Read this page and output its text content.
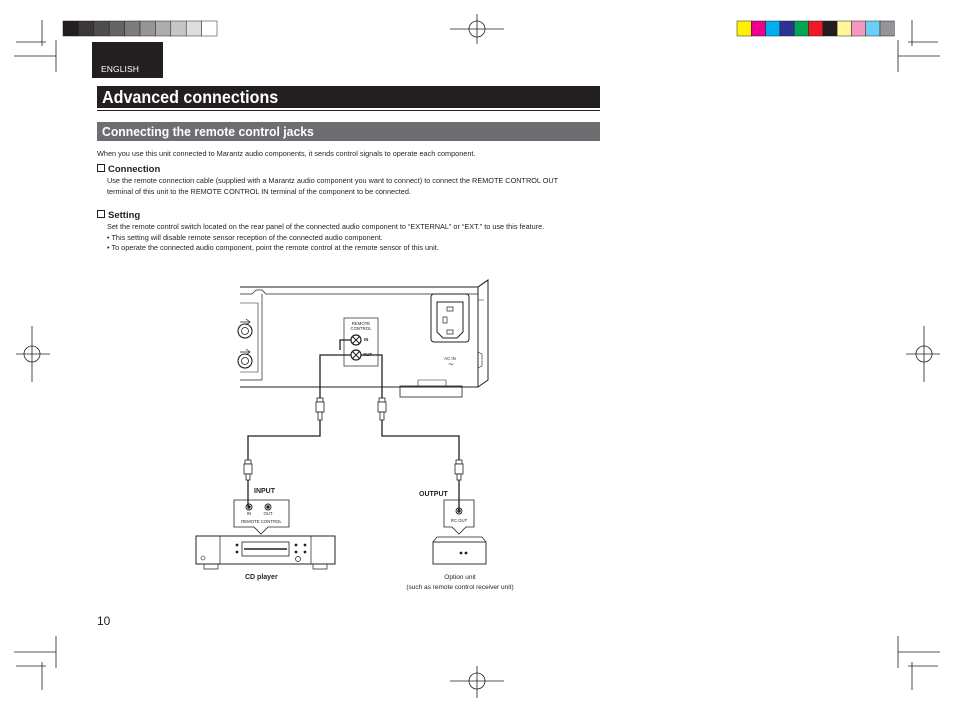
ENGLISH
Advanced connections
Connecting the remote control jacks
When you use this unit connected to Marantz audio components, it sends control signals to operate each component.
Connection
Use the remote connection cable (supplied with a Marantz audio component you want to connect) to connect the REMOTE CONTROL OUT
terminal of this unit to the REMOTE CONTROL IN terminal of the component to be connected.
Setting
Set the remote control switch located on the rear panel of the connected audio component to “EXTERNAL” or “EXT.” to use this feature.
• This setting will disable remote sensor reception of the connected audio component.
• To operate the connected audio component, point the remote control at the remote sensor of this unit.
REMOTE
CONTROL
IN
OUT
AC IN
~
INPUT	OUTPUT
IN	OUT
REMOTE CONTROL	RC OUT
CD player	Option unit
(such as remote control receiver unit)
10
